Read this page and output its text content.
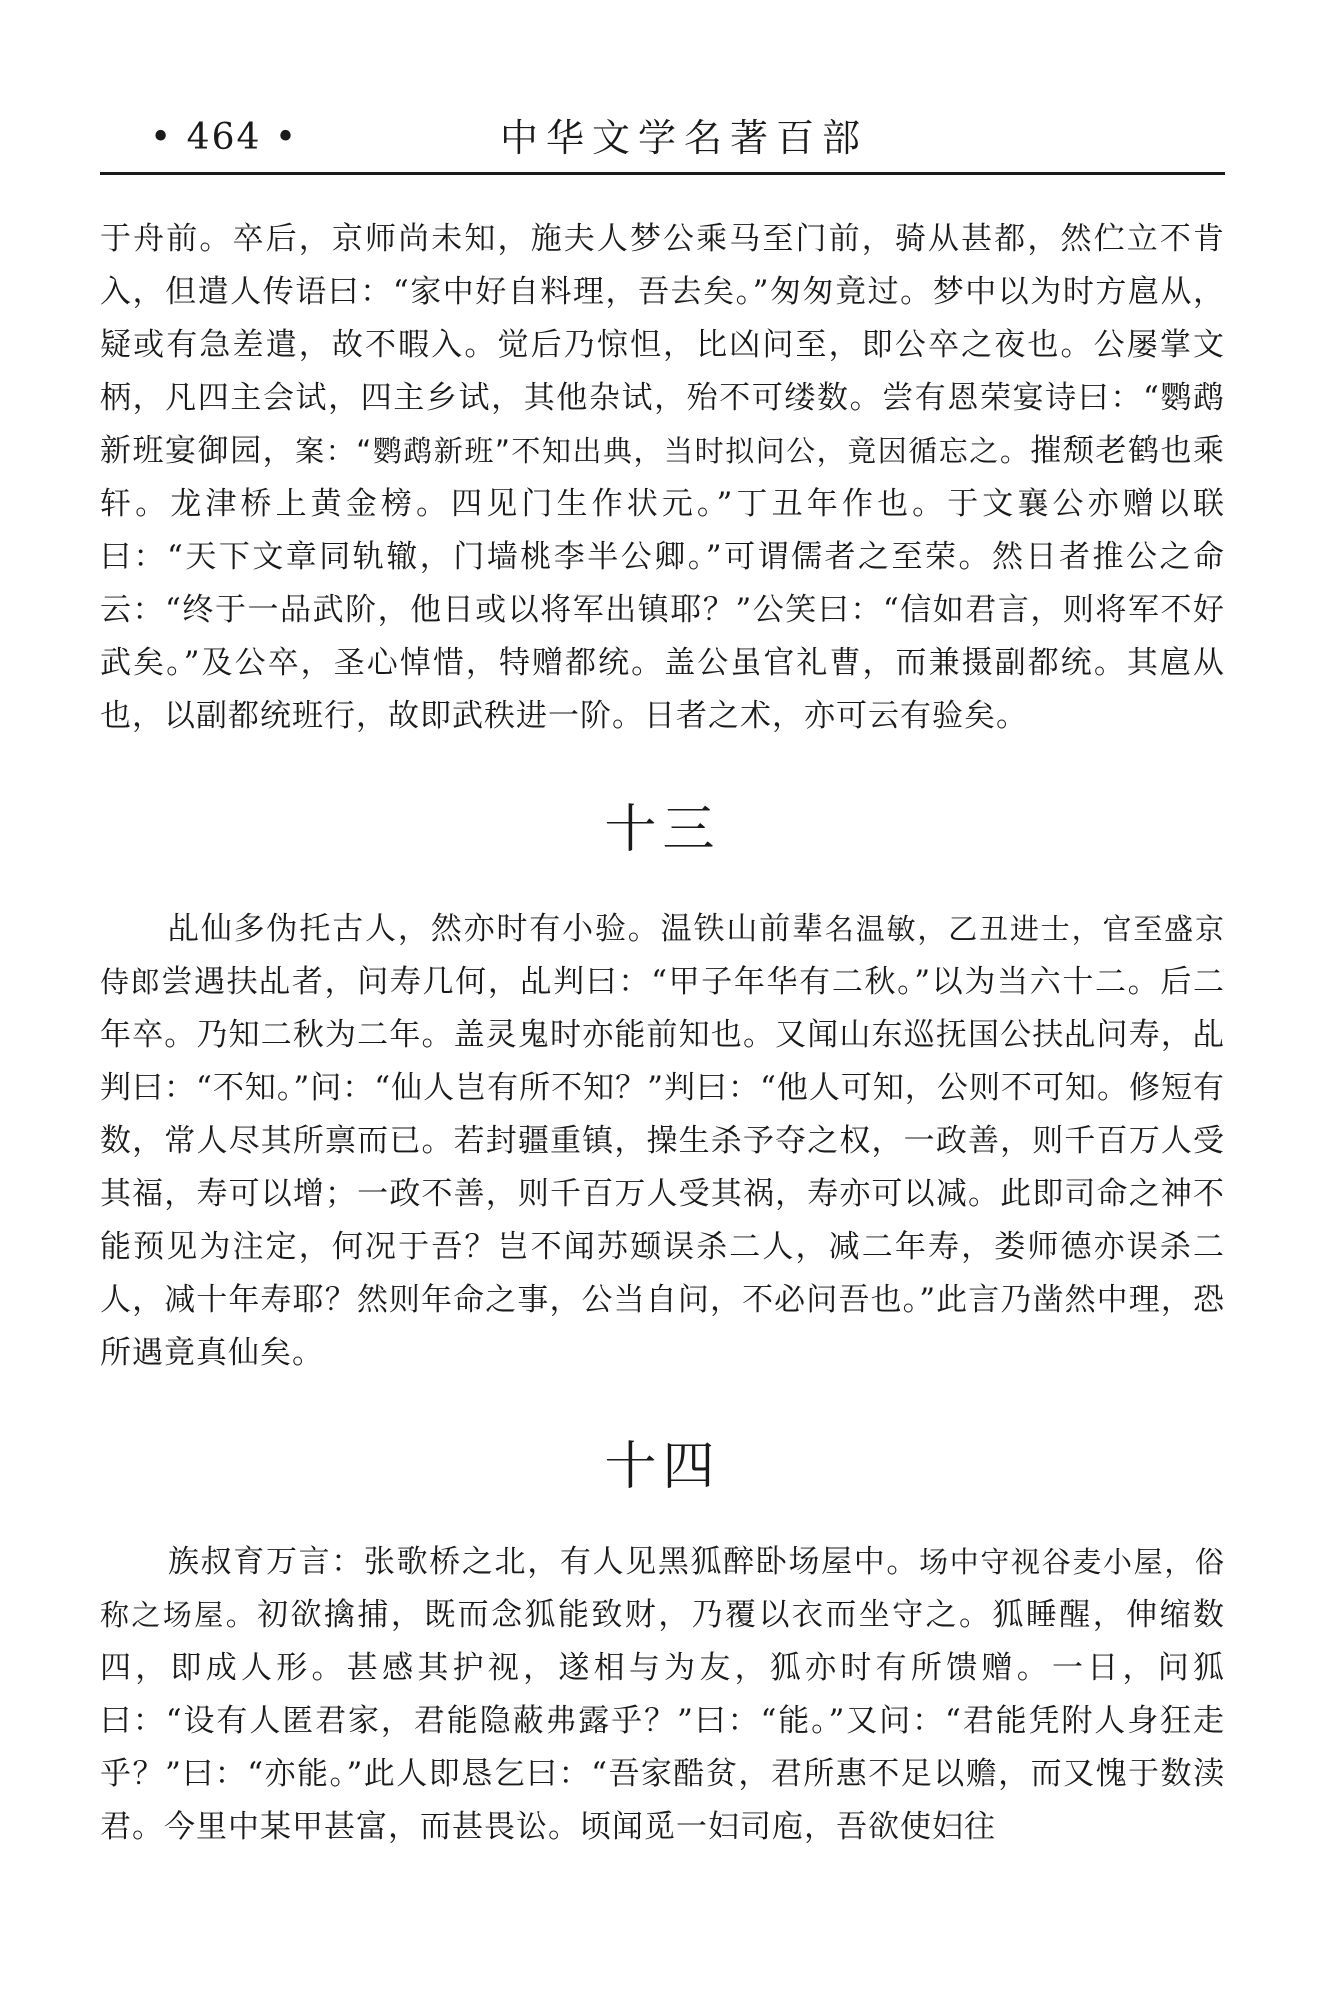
• 464 •	中华文学名著百部

于舟前。卒后，京师尚未知，施夫人梦公乘马至门前，骑从甚都，然伫立不肯入，但遣人传语曰：“家中好自料理，吾去矣。”匆匆竟过。梦中以为时方扈从，疑或有急差遣，故不暇入。觉后乃惊怛，比凶问至，即公卒之夜也。公屡掌文柄，凡四主会试，四主乡试，其他杂试，殆不可缕数。尝有恩荣宴诗曰：“鹦鹉新班宴御园，案：“鹦鹉新班”不知出典，当时拟问公，竟因循忘之。摧颓老鹤也乘轩。龙津桥上黄金榜。四见门生作状元。”丁丑年作也。于文襄公亦赠以联曰：“天下文章同轨辙，门墙桃李半公卿。”可谓儒者之至荣。然日者推公之命云：“终于一品武阶，他日或以将军出镇耶？”公笑曰：“信如君言，则将军不好武矣。”及公卒，圣心悼惜，特赠都统。盖公虽官礼曹，而兼摄副都统。其扈从也，以副都统班行，故即武秩进一阶。日者之术，亦可云有验矣。

十三

乩仙多伪托古人，然亦时有小验。温铁山前辈名温敏，乙丑进士，官至盛京侍郎尝遇扶乩者，问寿几何，乩判曰：“甲子年华有二秋。”以为当六十二。后二年卒。乃知二秋为二年。盖灵鬼时亦能前知也。又闻山东巡抚国公扶乩问寿，乩判曰：“不知。”问：“仙人岂有所不知？”判曰：“他人可知，公则不可知。修短有数，常人尽其所禀而已。若封疆重镇，操生杀予夺之权，一政善，则千百万人受其福，寿可以增；一政不善，则千百万人受其祸，寿亦可以减。此即司命之神不能预见为注定，何况于吾？岂不闻苏颋误杀二人，减二年寿，娄师德亦误杀二人，减十年寿耶？然则年命之事，公当自问，不必问吾也。”此言乃凿然中理，恐所遇竟真仙矣。

十四

族叔育万言：张歌桥之北，有人见黑狐醉卧场屋中。场中守视谷麦小屋，俗称之场屋。初欲擒捕，既而念狐能致财，乃覆以衣而坐守之。狐睡醒，伸缩数四，即成人形。甚感其护视，遂相与为友，狐亦时有所馈赠。一日，问狐曰：“设有人匿君家，君能隐蔽弗露乎？”曰：“能。”又问：“君能凭附人身狂走乎？”曰：“亦能。”此人即恳乞曰：“吾家酷贫，君所惠不足以赡，而又愧于数渎君。今里中某甲甚富，而甚畏讼。顷闻觅一妇司庖，吾欲使妇往
